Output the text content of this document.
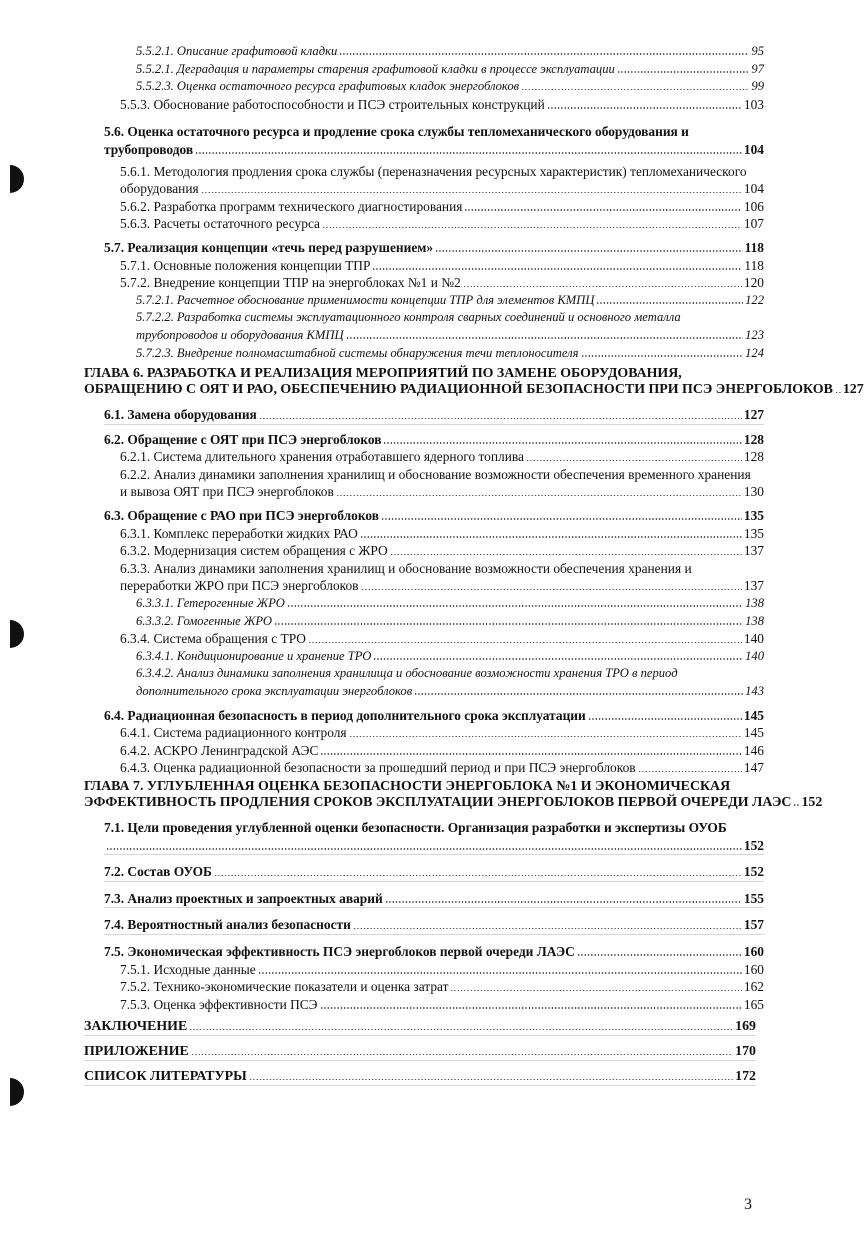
5.5.2.1. Описание графитовой кладки	95
5.5.2.1. Деградация и параметры старения графитовой кладки в процессе эксплуатации	97
5.5.2.3. Оценка остаточного ресурса графитовых кладок энергоблоков	99
5.5.3. Обоснование работоспособности и ПСЭ строительных конструкций	103
5.6. Оценка остаточного ресурса и продление срока службы тепломеханического оборудования и
трубопроводов	104
5.6.1. Методология продления срока службы (переназначения ресурсных характеристик) тепломеханического
оборудования	104
5.6.2. Разработка программ технического диагностирования	106
5.6.3. Расчеты остаточного ресурса	107
5.7. Реализация концепции «течь перед разрушением»	118
5.7.1. Основные положения концепции ТПР	118
5.7.2. Внедрение концепции ТПР на энергоблоках №1 и №2	120
5.7.2.1. Расчетное обоснование применимости концепции ТПР для элементов КМПЦ	122
5.7.2.2. Разработка системы эксплуатационного контроля сварных соединений и основного металла
трубопроводов и оборудования КМПЦ	123
5.7.2.3. Внедрение полномасштабной системы обнаружения течи теплоносителя	124
ГЛАВА 6. РАЗРАБОТКА И РЕАЛИЗАЦИЯ МЕРОПРИЯТИЙ ПО ЗАМЕНЕ ОБОРУДОВАНИЯ,
ОБРАЩЕНИЮ С ОЯТ И РАО, ОБЕСПЕЧЕНИЮ РАДИАЦИОННОЙ БЕЗОПАСНОСТИ ПРИ ПСЭ ЭНЕРГОБЛОКОВ 127
6.1. Замена оборудования	127
6.2. Обращение с ОЯТ при ПСЭ энергоблоков	128
6.2.1. Система длительного хранения отработавшего ядерного топлива	128
6.2.2. Анализ динамики заполнения хранилищ и обоснование возможности обеспечения временного хранения
и вывоза ОЯТ при ПСЭ энергоблоков	130
6.3. Обращение с РАО при ПСЭ энергоблоков	135
6.3.1. Комплекс переработки жидких РАО	135
6.3.2. Модернизация систем обращения с ЖРО	137
6.3.3. Анализ динамики заполнения хранилищ и обоснование возможности обеспечения хранения и
переработки ЖРО при ПСЭ энергоблоков	137
6.3.3.1. Гетерогенные ЖРО	138
6.3.3.2. Гомогенные ЖРО	138
6.3.4. Система обращения с ТРО	140
6.3.4.1. Кондиционирование и хранение ТРО	140
6.3.4.2. Анализ динамики заполнения хранилища и обоснование возможности хранения ТРО в период
дополнительного срока эксплуатации энергоблоков	143
6.4. Радиационная безопасность в период дополнительного срока эксплуатации	145
6.4.1. Система радиационного контроля	145
6.4.2. АСКРО Ленинградской АЭС	146
6.4.3. Оценка радиационной безопасности за прошедший период и при ПСЭ энергоблоков	147
ГЛАВА 7. УГЛУБЛЕННАЯ ОЦЕНКА БЕЗОПАСНОСТИ ЭНЕРГОБЛОКА №1 И ЭКОНОМИЧЕСКАЯ
ЭФФЕКТИВНОСТЬ ПРОДЛЕНИЯ СРОКОВ ЭКСПЛУАТАЦИИ ЭНЕРГОБЛОКОВ ПЕРВОЙ ОЧЕРЕДИ ЛАЭС 152
7.1. Цели проведения углубленной оценки безопасности. Организация разработки и экспертизы ОУОБ
152
7.2. Состав ОУОБ	152
7.3. Анализ проектных и запроектных аварий	155
7.4. Вероятностный анализ безопасности	157
7.5. Экономическая эффективность ПСЭ энергоблоков первой очереди ЛАЭС	160
7.5.1. Исходные данные	160
7.5.2. Технико-экономические показатели и оценка затрат	162
7.5.3. Оценка эффективности ПСЭ	165
ЗАКЛЮЧЕНИЕ	169
ПРИЛОЖЕНИЕ	170
СПИСОК ЛИТЕРАТУРЫ	172
3
